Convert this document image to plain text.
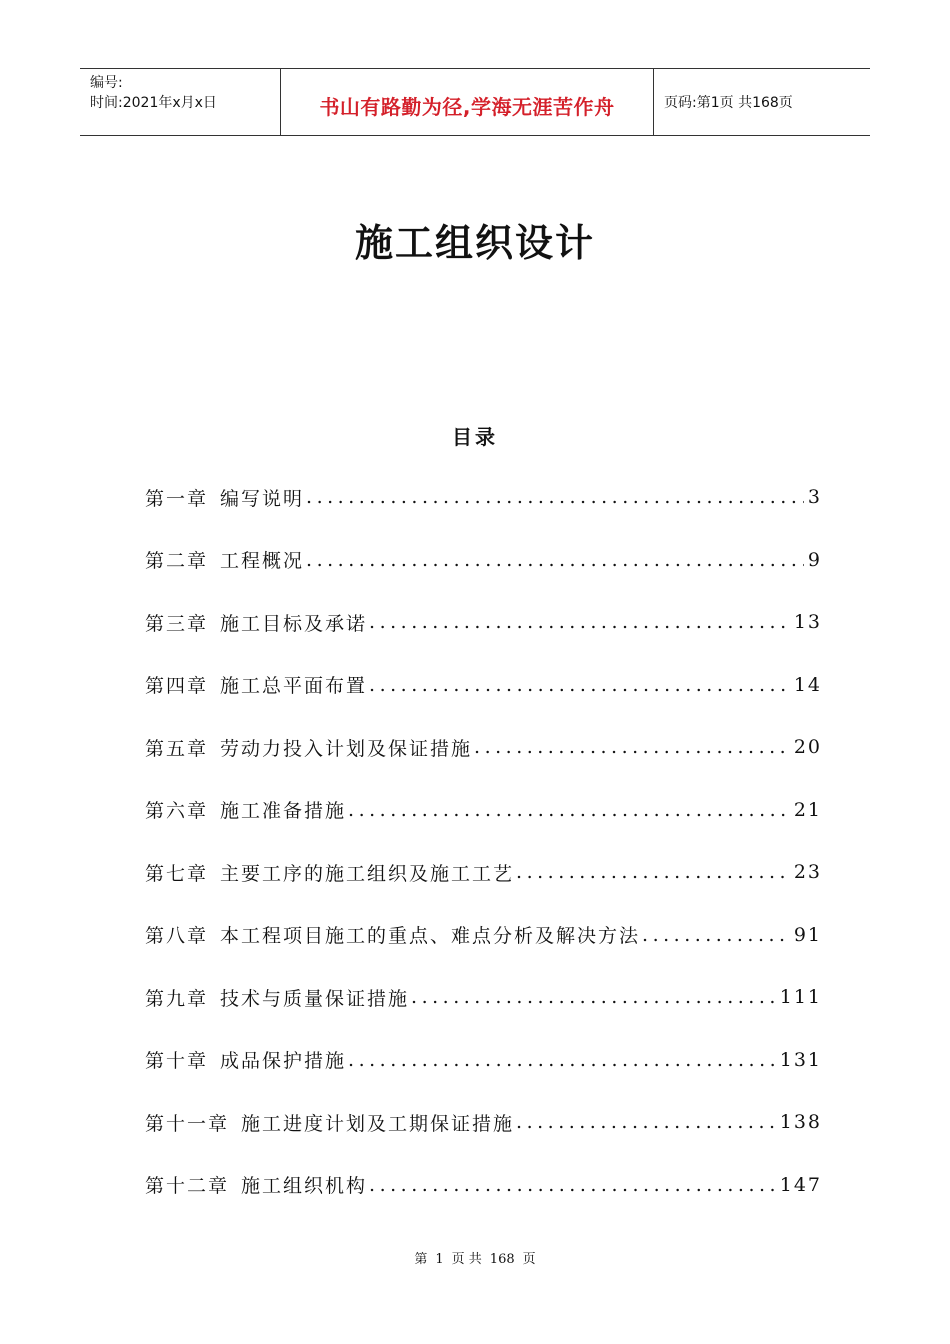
编号:
时间:2021年x月x日	书山有路勤为径,学海无涯苦作舟	页码:第1页 共168页
施工组织设计
目录
第一章 编写说明 .....	3
第二章 工程概况 .....	9
第三章 施工目标及承诺 .....	13
第四章 施工总平面布置 .....	14
第五章 劳动力投入计划及保证措施 .....	20
第六章 施工准备措施 .....	21
第七章 主要工序的施工组织及施工工艺 .....	23
第八章 本工程项目施工的重点、难点分析及解决方法 .....	91
第九章 技术与质量保证措施 .....	111
第十章 成品保护措施 .....	131
第十一章 施工进度计划及工期保证措施 .....	138
第十二章 施工组织机构 .....	147
第 1 页 共 168 页
